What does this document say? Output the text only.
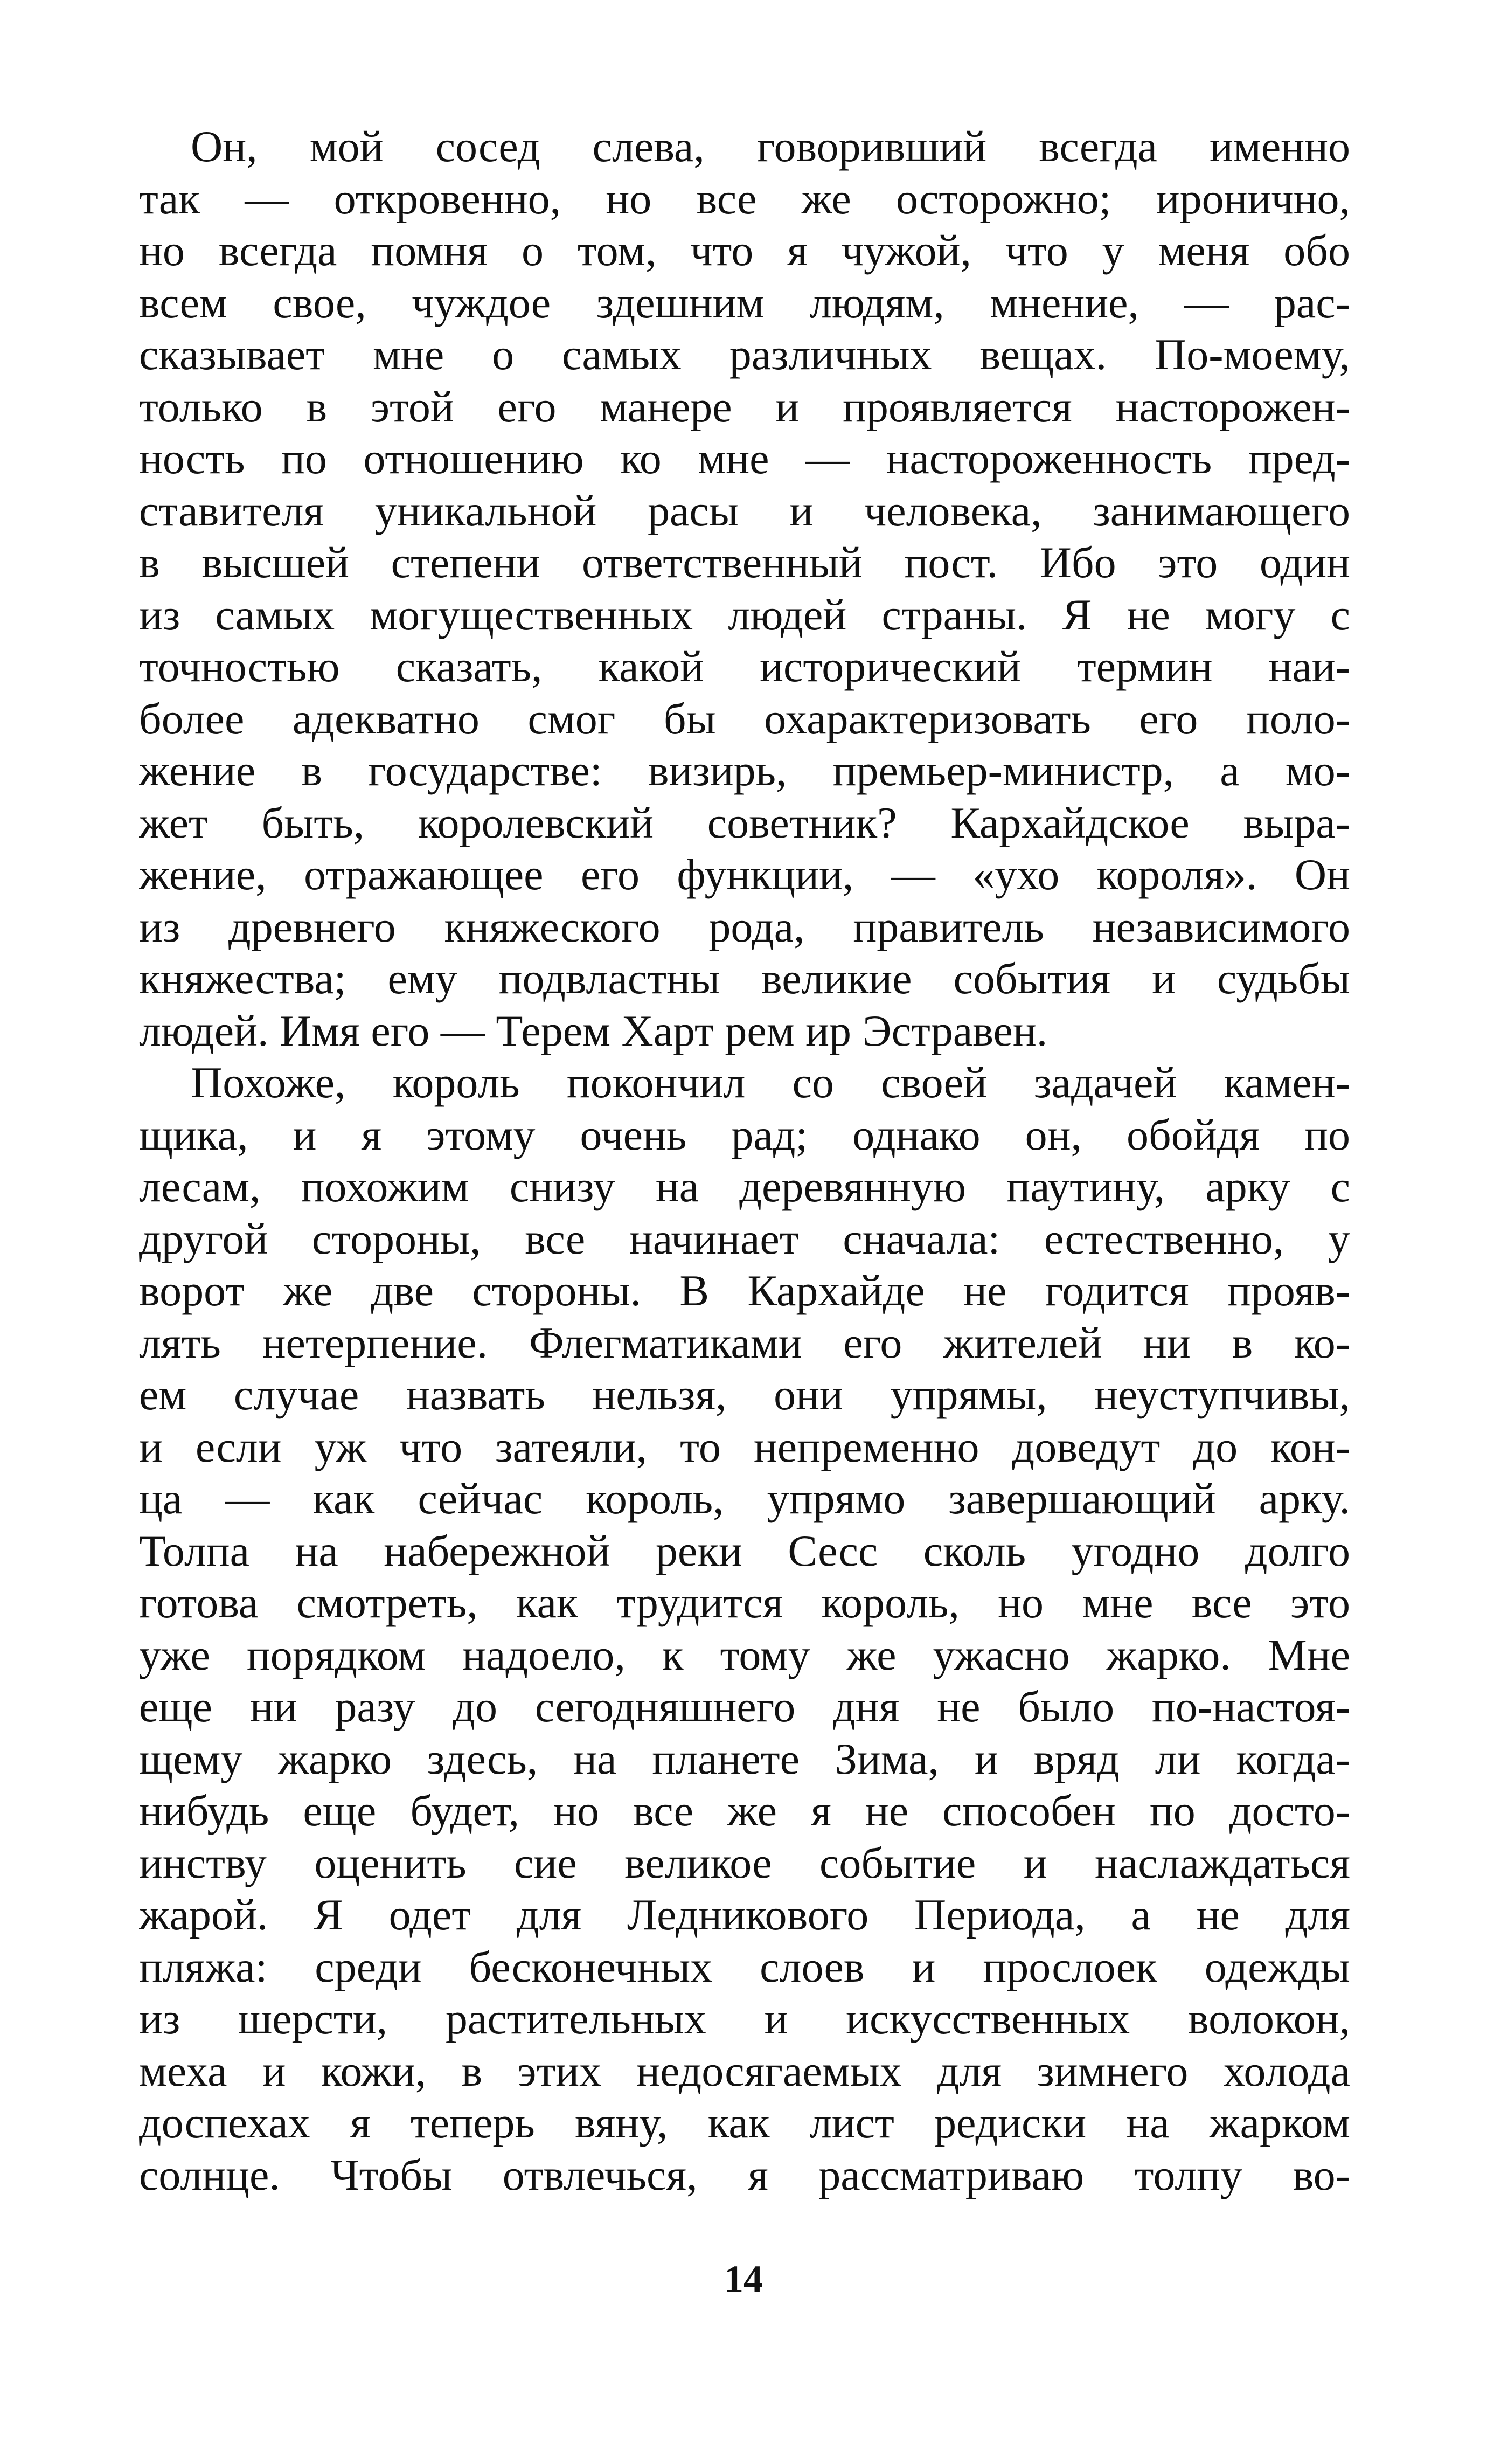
Он, мой сосед слева, говоривший всегда именно
так — откровенно, но все же осторожно; иронично,
но всегда помня о том, что я чужой, что у меня обо
всем свое, чуждое здешним людям, мнение, — рас-
сказывает мне о самых различных вещах. По-моему,
только в этой его манере и проявляется насторожен-
ность по отношению ко мне — настороженность пред-
ставителя уникальной расы и человека, занимающего
в высшей степени ответственный пост. Ибо это один
из самых могущественных людей страны. Я не могу с
точностью сказать, какой исторический термин наи-
более адекватно смог бы охарактеризовать его поло-
жение в государстве: визирь, премьер-министр, а мо-
жет быть, королевский советник? Кархайдское выра-
жение, отражающее его функции, — «ухо короля». Он
из древнего княжеского рода, правитель независимого
княжества; ему подвластны великие события и судьбы
людей. Имя его — Терем Харт рем ир Эстравен.
Похоже, король покончил со своей задачей камен-
щика, и я этому очень рад; однако он, обойдя по
лесам, похожим снизу на деревянную паутину, арку с
другой стороны, все начинает сначала: естественно, у
ворот же две стороны. В Кархайде не годится прояв-
лять нетерпение. Флегматиками его жителей ни в ко-
ем случае назвать нельзя, они упрямы, неуступчивы,
и если уж что затеяли, то непременно доведут до кон-
ца — как сейчас король, упрямо завершающий арку.
Толпа на набережной реки Сесс сколь угодно долго
готова смотреть, как трудится король, но мне все это
уже порядком надоело, к тому же ужасно жарко. Мне
еще ни разу до сегодняшнего дня не было по-настоя-
щему жарко здесь, на планете Зима, и вряд ли когда-
нибудь еще будет, но все же я не способен по досто-
инству оценить сие великое событие и наслаждаться
жарой. Я одет для Ледникового Периода, а не для
пляжа: среди бесконечных слоев и прослоек одежды
из шерсти, растительных и искусственных волокон,
меха и кожи, в этих недосягаемых для зимнего холода
доспехах я теперь вяну, как лист редиски на жарком
солнце. Чтобы отвлечься, я рассматриваю толпу во-
14
